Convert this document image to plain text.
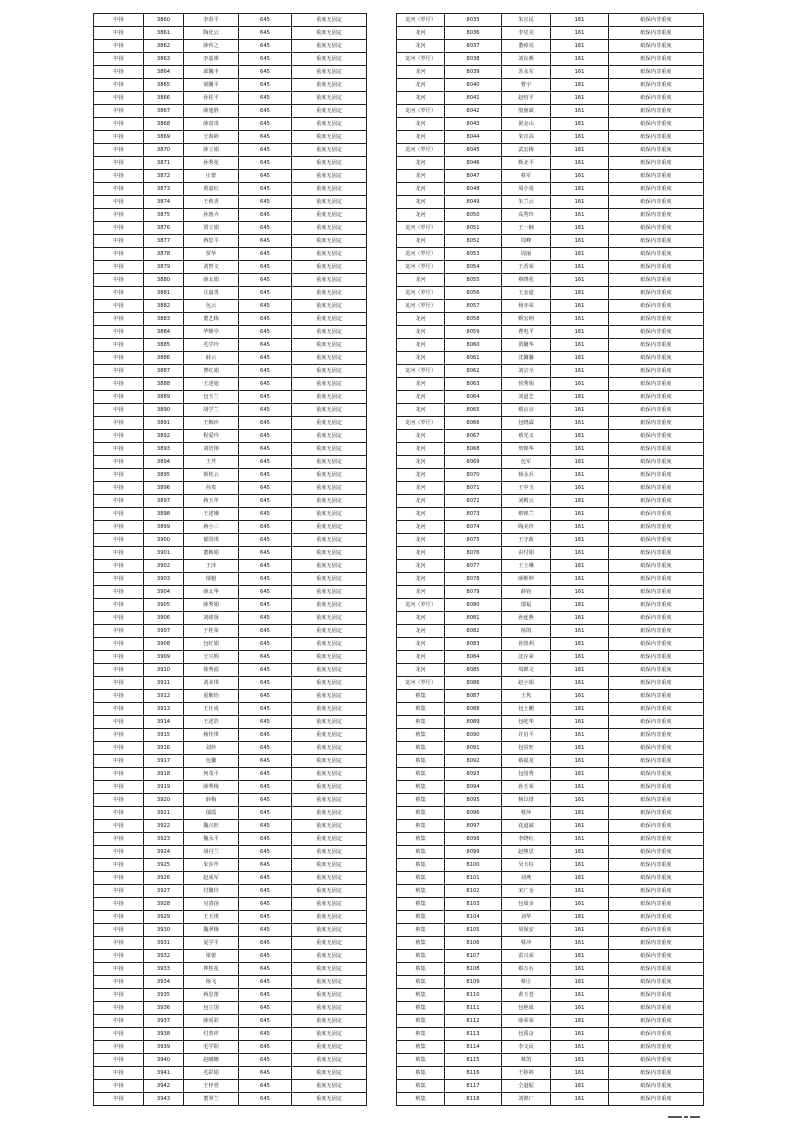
中扬	3860	李春平	645	重度无固定
中扬	3861	陶化云	645	重度无固定
中扬	3862	薛传之	645	重度无固定
中扬	3863	李嘉祺	645	重度无固定
中扬	3864	邱馨丰	645	重度无固定
中扬	3865	梁馨平	645	重度无固定
中扬	3866	孙桂平	645	重度无固定
中扬	3867	薛旭胜	645	重度无固定
中扬	3868	薛富贵	645	重度无固定
中扬	3869	王海婷	645	重度无固定
中扬	3870	薛立娟	645	重度无固定
中扬	3871	孙秀花	645	重度无固定
中扬	3872	庄蕾	645	重度无固定
中扬	3873	黄嘉红	645	重度无固定
中扬	3874	王莉香	645	重度无固定
中扬	3875	孙惠卉	645	重度无固定
中扬	3876	贾立娟	645	重度无固定
中扬	3877	蒋思平	645	重度无固定
中扬	3878	贾华	645	重度无固定
中扬	3879	刘智文	645	重度无固定
中扬	3880	薛太娟	645	重度无固定
中扬	3881	庄嘉善	645	重度无固定
中扬	3882	包云	645	重度无固定
中扬	3883	董艺梅	645	重度无固定
中扬	3884	毕继亭	645	重度无固定
中扬	3885	毛学玲	645	重度无固定
中扬	3886	薛云	645	重度无固定
中扬	3887	曹红娟	645	重度无固定
中扬	3888	王述旭	645	重度无固定
中扬	3889	包玉兰	645	重度无固定
中扬	3890	胡学兰	645	重度无固定
中扬	3891	王梅珍	645	重度无固定
中扬	3892	程爱玲	645	重度无固定
中扬	3893	刘培翔	645	重度无固定
中扬	3894	王芹	645	重度无固定
中扬	3895	蔡桂云	645	重度无固定
中扬	3896	孙贵	645	重度无固定
中扬	3897	蒋玉芹	645	重度无固定
中扬	3898	王述娥	645	重度无固定
中扬	3899	蒋小三	645	重度无固定
中扬	3900	郁国琪	645	重度无固定
中扬	3901	董梅娟	645	重度无固定
中扬	3902	王泽	645	重度无固定
中扬	3903	郁魁	645	重度无固定
中扬	3904	薛太华	645	重度无固定
中扬	3905	薛秀娟	645	重度无固定
中扬	3906	刘绪贤	645	重度无固定
中扬	3907	于桂荣	645	重度无固定
中扬	3908	包红娟	645	重度无固定
中扬	3909	王兴明	645	重度无固定
中扬	3910	徐秀福	645	重度无固定
中扬	3911	刘美琪	645	重度无固定
中扬	3912	夏紫怡	645	重度无固定
中扬	3913	王仕成	645	重度无固定
中扬	3914	王述浩	645	重度无固定
中扬	3915	杨佳琪	645	重度无固定
中扬	3916	刘珍	645	重度无固定
中扬	3917	包馨	645	重度无固定
中扬	3918	何茂平	645	重度无固定
中扬	3919	薛秀梅	645	重度无固定
中扬	3920	薛梅	645	重度无固定
中扬	3921	郁霞	645	重度无固定
中扬	3922	魏兴旺	645	重度无固定
中扬	3923	魏永平	645	重度无固定
中扬	3924	胡丹兰	645	重度无固定
中扬	3925	朱步芹	645	重度无固定
中扬	3926	赵成军	645	重度无固定
中扬	3927	付馨玲	645	重度无固定
中扬	3928	吴清扬	645	重度无固定
中扬	3929	王玉琪	645	重度无固定
中扬	3930	魏翠梅	645	重度无固定
中扬	3931	夏学平	645	重度无固定
中扬	3932	梁蕾	645	重度无固定
中扬	3933	仲桂花	645	重度无固定
中扬	3934	杨飞	645	重度无固定
中扬	3935	蒋思蕾	645	重度无固定
中扬	3936	包立国	645	重度无固定
中扬	3937	薛同彩	645	重度无固定
中扬	3938	付善祥	645	重度无固定
中扬	3939	毛学阳	645	重度无固定
中扬	3940	赵曦娜	645	重度无固定
中扬	3941	毛彩娟	645	重度无固定
中扬	3942	王梓萱	645	重度无固定
中扬	3943	董翠兰	645	重度无固定
龙河（罗圩）	8035	朱宣民	161	纸保内非重度
龙河	8036	李星亮	161	纸保内非重度
龙河	8037	董绰亮	161	纸保内非重度
龙河（罗圩）	8038	刘东燕	161	纸保内非重度
龙河	8039	苏永军	161	纸保内非重度
龙河	8040	曹宇	161	纸保内非重度
龙河	8041	赵绍平	161	纸保内非重度
龙河（罗圩）	8042	殷朋斌	161	纸保内非重度
龙河	8043	倪金山	161	纸保内非重度
龙河	8044	朱宣高	161	纸保内非重度
龙河（罗圩）	8045	武宏梅	161	纸保内非重度
龙河	8046	靳北平	161	纸保内非重度
龙河	8047	蔡军	161	纸保内非重度
龙河	8048	周小曼	161	纸保内非重度
龙河	8049	朱兰云	161	纸保内非重度
龙河	8050	高秀珍	161	纸保内非重度
龙河（罗圩）	8051	王一楠	161	纸保内非重度
龙河	8052	周峰	161	纸保内非重度
龙河（罗圩）	8053	周丽	161	纸保内非重度
龙河（罗圩）	8054	王香荣	161	纸保内非重度
龙河	8055	蔡晓花	161	纸保内非重度
龙河（罗圩）	8056	王金道	161	纸保内非重度
龙河（罗圩）	8057	杨亦荣	161	纸保内非重度
龙河	8058	靳宏纳	161	纸保内非重度
龙河	8059	曹电平	161	纸保内非重度
龙河	8060	贾馨华	161	纸保内非重度
龙河	8061	沈馨馨	161	纸保内非重度
龙河（罗圩）	8062	刘宗全	161	纸保内非重度
龙河	8063	侯秀娟	161	纸保内非重度
龙河	8064	刘道艺	161	纸保内非重度
龙河	8065	蔡京京	161	纸保内非重度
龙河（罗圩）	8066	包晓霖	161	纸保内非重度
龙河	8067	蔡光义	161	纸保内非重度
龙河	8068	詹锦华	161	纸保内非重度
龙河	8069	包军	161	纸保内非重度
龙河	8070	杨永兵	161	纸保内非重度
龙河	8071	王中玉	161	纸保内非重度
龙河	8072	刘殿云	161	纸保内非重度
龙河	8073	蔡锦兰	161	纸保内非重度
龙河	8074	陶美珍	161	纸保内非重度
龙河	8075	王守政	161	纸保内非重度
龙河	8076	由付娟	161	纸保内非重度
龙河	8077	王士琳	161	纸保内非重度
龙河	8078	薛维坤	161	纸保内非重度
龙河	8079	薛钧	161	纸保内非重度
龙河（罗圩）	8080	郁福	161	纸保内非重度
龙河	8081	孙连燕	161	纸保内非重度
龙河	8082	杨凯	161	纸保内非重度
龙河	8083	孙凯利	161	纸保内非重度
龙河	8084	沈存荣	161	纸保内非重度
龙河	8085	周锦文	161	纸保内非重度
龙河（罗圩）	8086	赵小娟	161	纸保内非重度
蔡集	8087	王隽	161	纸保内非重度
蔡集	8088	包士鹏	161	纸保内非重度
蔡集	8089	包屹华	161	纸保内非重度
蔡集	8090	许启平	161	纸保内非重度
蔡集	8091	包常旺	161	纸保内非重度
蔡集	8092	蔡福龙	161	纸保内非重度
蔡集	8093	包国秀	161	纸保内非重度
蔡集	8094	孙玉荣	161	纸保内非重度
蔡集	8095	杨以排	161	纸保内非重度
蔡集	8096	蔡萍	161	纸保内非重度
蔡集	8097	花道斌	161	纸保内非重度
蔡集	8098	李晓红	161	纸保内非重度
蔡集	8099	赵继思	161	纸保内非重度
蔡集	8100	吴玉柱	161	纸保内非重度
蔡集	8101	刘燕	161	纸保内非重度
蔡集	8102	宋广金	161	纸保内非重度
蔡集	8103	包成步	161	纸保内非重度
蔡集	8104	刘华	161	纸保内非重度
蔡集	8105	周保安	161	纸保内非重度
蔡集	8106	蔡冲	161	纸保内非重度
蔡集	8107	雷兴荣	161	纸保内非重度
蔡集	8108	蔡万石	161	纸保内非重度
蔡集	8109	蔡庄	161	纸保内非重度
蔡集	8110	黄玉苍	161	纸保内非重度
蔡集	8111	包艳成	161	纸保内非重度
蔡集	8112	薛荣荣	161	纸保内非重度
蔡集	8113	包禹奋	161	纸保内非重度
蔡集	8114	李文民	161	纸保内非重度
蔡集	8115	蔡凯	161	纸保内非重度
蔡集	8116	王婷婷	161	纸保内非重度
蔡集	8117	仝道振	161	纸保内非重度
蔡集	8118	刘锦广	161	纸保内非重度
